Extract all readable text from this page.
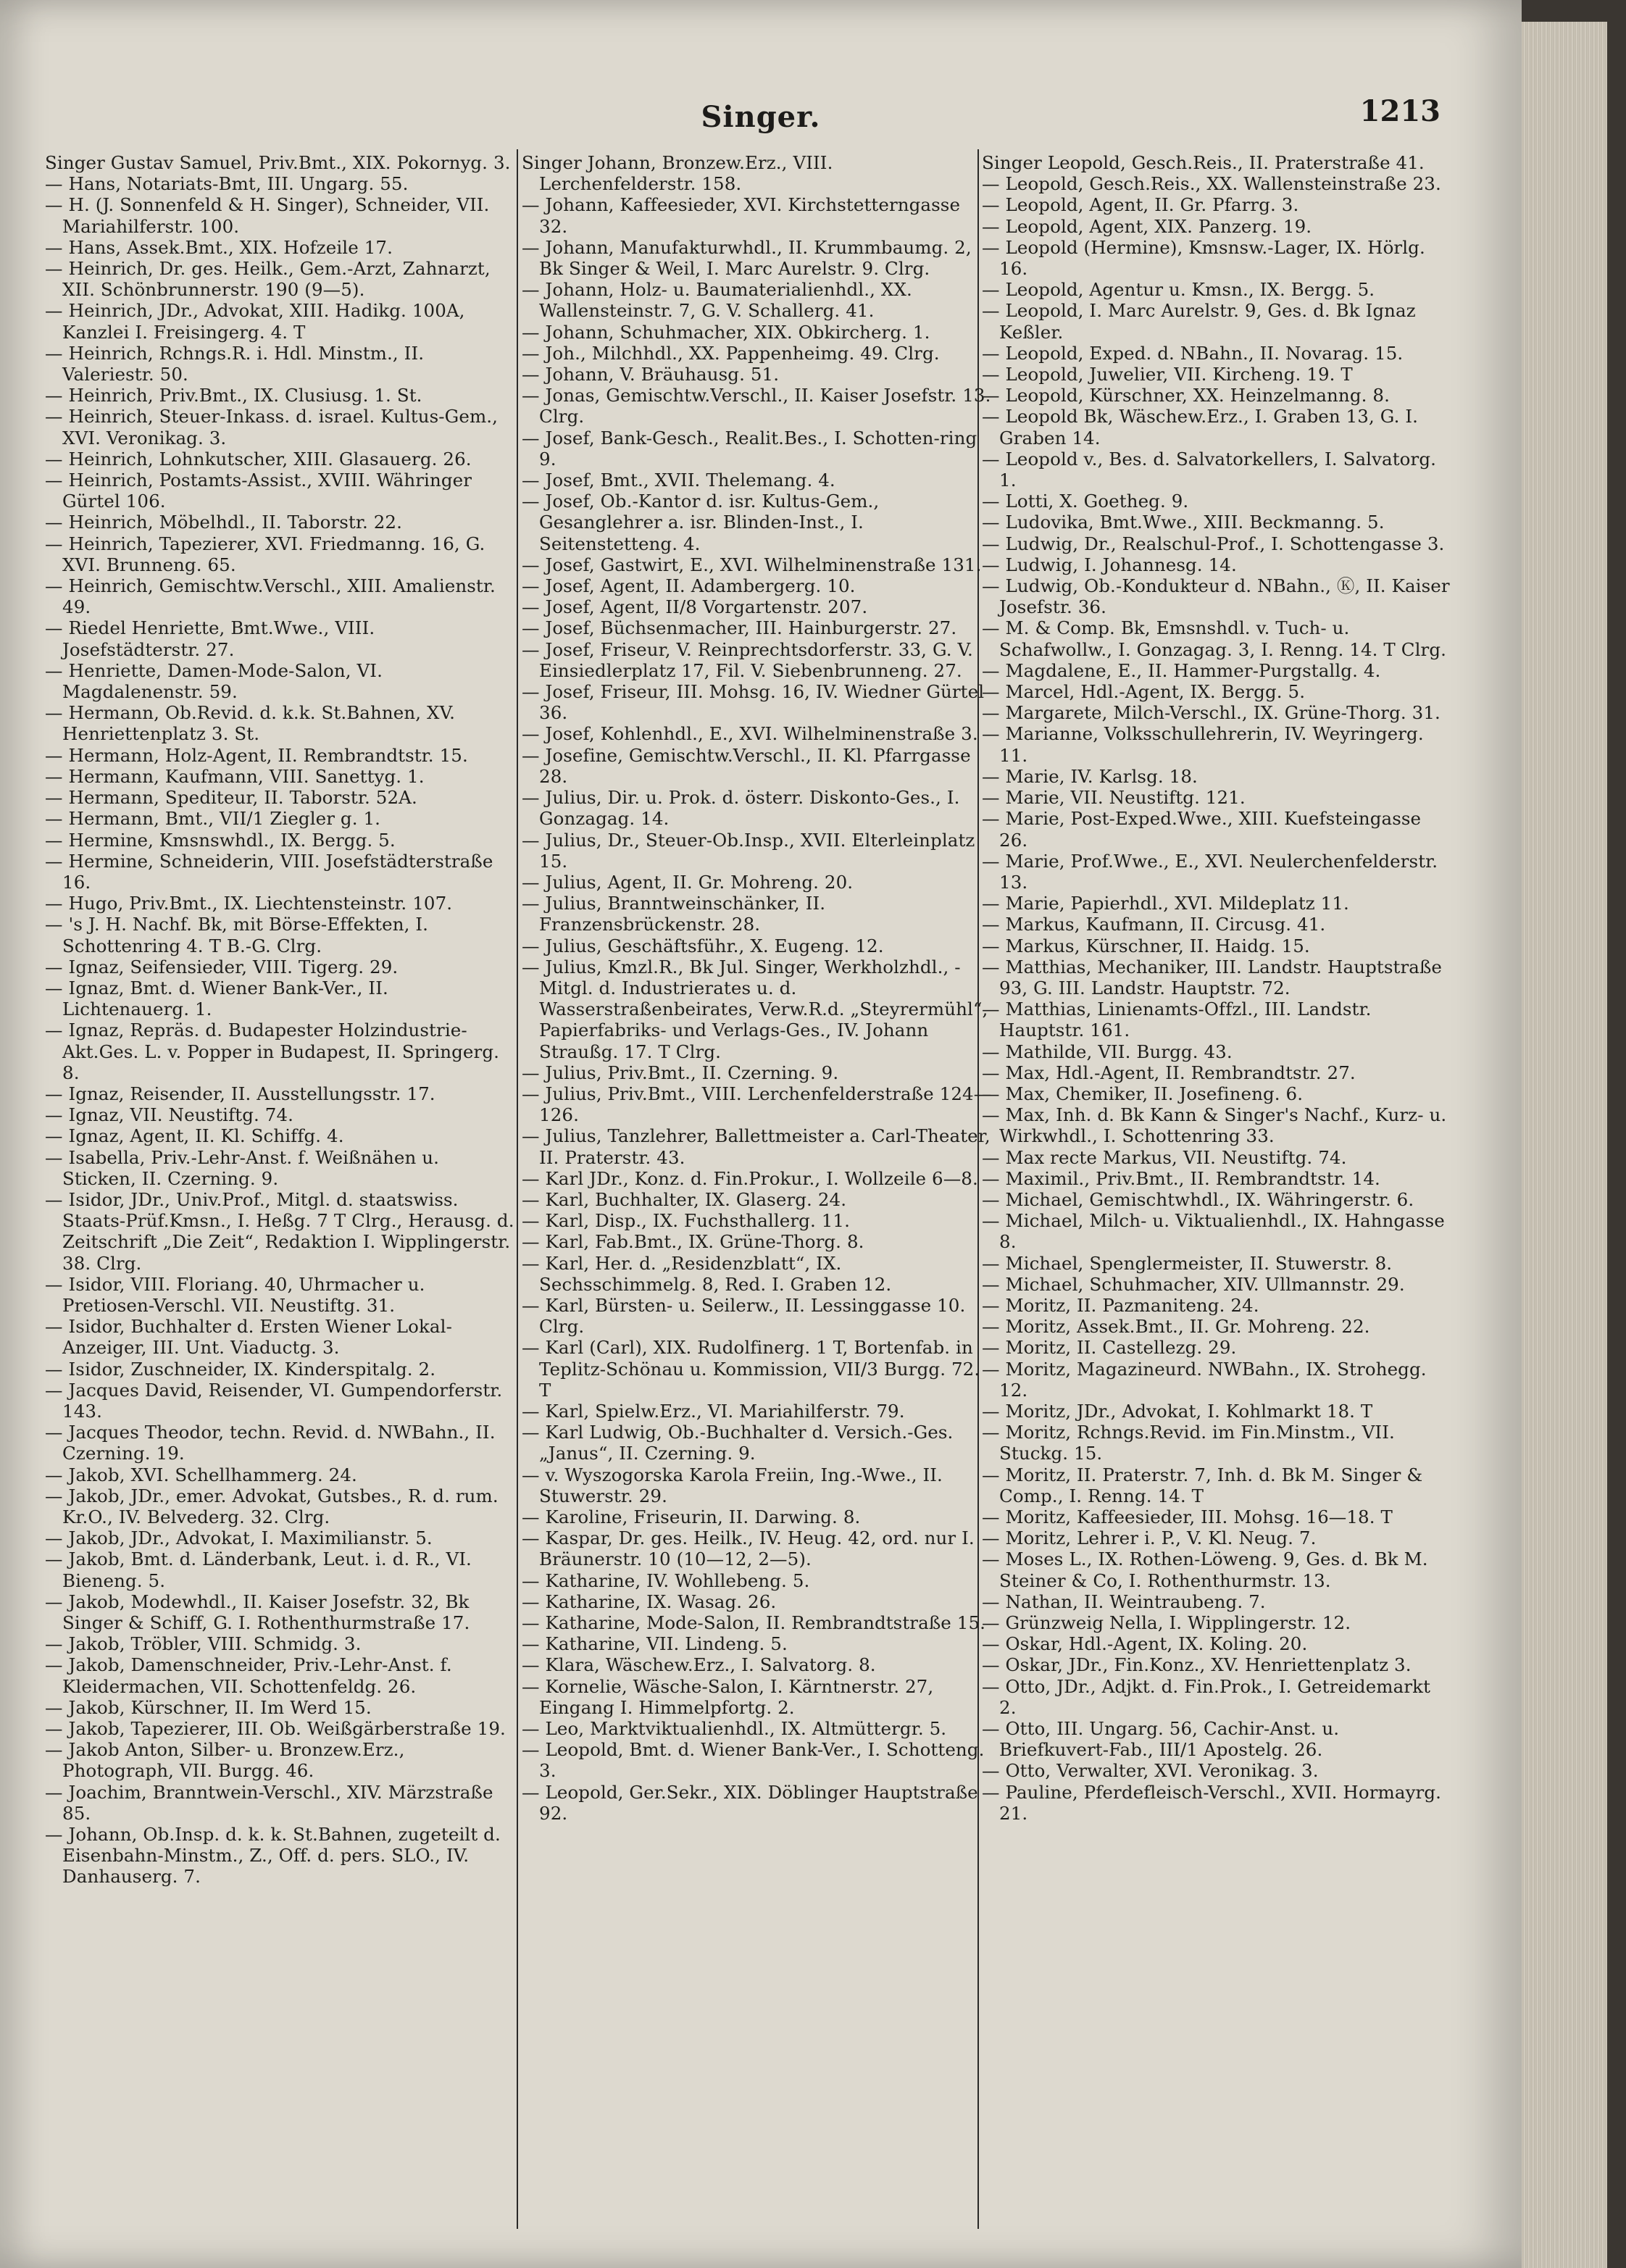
Singer.	1213

Singer Gustav Samuel, Priv.Bmt., XIX. Pokornyg. 3.

— Hans, Notariats-Bmt, III. Ungarg. 55.

— H. (J. Sonnenfeld & H. Singer), Schneider, VII. Mariahilferstr. 100.

— Hans, Assek.Bmt., XIX. Hofzeile 17.

— Heinrich, Dr. ges. Heilk., Gem.-Arzt, Zahnarzt, XII. Schönbrunnerstr. 190 (9—5).

— Heinrich, JDr., Advokat, XIII. Hadikg. 100A, Kanzlei I. Freisingerg. 4. T

— Heinrich, Rchngs.R. i. Hdl. Minstm., II. Valeriestr. 50.

— Heinrich, Priv.Bmt., IX. Clusiusg. 1. St.

— Heinrich, Steuer-Inkass. d. israel. Kultus-Gem., XVI. Veronikag. 3.

— Heinrich, Lohnkutscher, XIII. Glasauerg. 26.

— Heinrich, Postamts-Assist., XVIII. Währinger Gürtel 106.

— Heinrich, Möbelhdl., II. Taborstr. 22.

— Heinrich, Tapezierer, XVI. Friedmanng. 16, G. XVI. Brunneng. 65.

— Heinrich, Gemischtw.Verschl., XIII. Amalienstr. 49.

— Riedel Henriette, Bmt.Wwe., VIII. Josefstädterstr. 27.

— Henriette, Damen-Mode-Salon, VI. Magdalenenstr. 59.

— Hermann, Ob.Revid. d. k.k. St.Bahnen, XV. Henriettenplatz 3. St.

— Hermann, Holz-Agent, II. Rembrandtstr. 15.

— Hermann, Kaufmann, VIII. Sanettyg. 1.

— Hermann, Spediteur, II. Taborstr. 52A.

— Hermann, Bmt., VII/1 Ziegler g. 1.

— Hermine, Kmsnswhdl., IX. Bergg. 5.

— Hermine, Schneiderin, VIII. Josefstädterstraße 16.

— Hugo, Priv.Bmt., IX. Liechtensteinstr. 107.

— 's J. H. Nachf. Bk, mit Börse-Effekten, I. Schottenring 4. T B.-G. Clrg.

— Ignaz, Seifensieder, VIII. Tigerg. 29.

— Ignaz, Bmt. d. Wiener Bank-Ver., II. Lichtenauerg. 1.

— Ignaz, Repräs. d. Budapester Holzindustrie-Akt.Ges. L. v. Popper in Budapest, II. Springerg. 8.

— Ignaz, Reisender, II. Ausstellungsstr. 17.

— Ignaz, VII. Neustiftg. 74.

— Ignaz, Agent, II. Kl. Schiffg. 4.

— Isabella, Priv.-Lehr-Anst. f. Weißnähen u. Sticken, II. Czerning. 9.

— Isidor, JDr., Univ.Prof., Mitgl. d. staatswiss. Staats-Prüf.Kmsn., I. Heßg. 7 T Clrg., Herausg. d. Zeitschrift „Die Zeit“, Redaktion I. Wipplingerstr. 38. Clrg.

— Isidor, VIII. Floriang. 40, Uhrmacher u. Pretiosen-Verschl. VII. Neustiftg. 31.

— Isidor, Buchhalter d. Ersten Wiener Lokal-Anzeiger, III. Unt. Viaductg. 3.

— Isidor, Zuschneider, IX. Kinderspitalg. 2.

— Jacques David, Reisender, VI. Gumpendorferstr. 143.

— Jacques Theodor, techn. Revid. d. NWBahn., II. Czerning. 19.

— Jakob, XVI. Schellhammerg. 24.

— Jakob, JDr., emer. Advokat, Gutsbes., R. d. rum. Kr.O., IV. Belvederg. 32. Clrg.

— Jakob, JDr., Advokat, I. Maximilianstr. 5.

— Jakob, Bmt. d. Länderbank, Leut. i. d. R., VI. Bieneng. 5.

— Jakob, Modewhdl., II. Kaiser Josefstr. 32, Bk Singer & Schiff, G. I. Rothenthurmstraße 17.

— Jakob, Tröbler, VIII. Schmidg. 3.

— Jakob, Damenschneider, Priv.-Lehr-Anst. f. Kleidermachen, VII. Schottenfeldg. 26.

— Jakob, Kürschner, II. Im Werd 15.

— Jakob, Tapezierer, III. Ob. Weißgärberstraße 19.

— Jakob Anton, Silber- u. Bronzew.Erz., Photograph, VII. Burgg. 46.

— Joachim, Branntwein-Verschl., XIV. Märzstraße 85.

— Johann, Ob.Insp. d. k. k. St.Bahnen, zugeteilt d. Eisenbahn-Minstm., Z., Off. d. pers. SLO., IV. Danhauserg. 7.

Singer Johann, Bronzew.Erz., VIII. Lerchenfelderstr. 158.

— Johann, Kaffeesieder, XVI. Kirchstetterngasse 32.

— Johann, Manufakturwhdl., II. Krummbaumg. 2, Bk Singer & Weil, I. Marc Aurelstr. 9. Clrg.

— Johann, Holz- u. Baumaterialienhdl., XX. Wallensteinstr. 7, G. V. Schallerg. 41.

— Johann, Schuhmacher, XIX. Obkircherg. 1.

— Joh., Milchhdl., XX. Pappenheimg. 49. Clrg.

— Johann, V. Bräuhausg. 51.

— Jonas, Gemischtw.Verschl., II. Kaiser Josefstr. 13. Clrg.

— Josef, Bank-Gesch., Realit.Bes., I. Schotten-ring 9.

— Josef, Bmt., XVII. Thelemang. 4.

— Josef, Ob.-Kantor d. isr. Kultus-Gem., Gesanglehrer a. isr. Blinden-Inst., I. Seitenstetteng. 4.

— Josef, Gastwirt, E., XVI. Wilhelminenstraße 131.

— Josef, Agent, II. Adambergerg. 10.

— Josef, Agent, II/8 Vorgartenstr. 207.

— Josef, Büchsenmacher, III. Hainburgerstr. 27.

— Josef, Friseur, V. Reinprechtsdorferstr. 33, G. V. Einsiedlerplatz 17, Fil. V. Siebenbrunneng. 27.

— Josef, Friseur, III. Mohsg. 16, IV. Wiedner Gürtel 36.

— Josef, Kohlenhdl., E., XVI. Wilhelminenstraße 3.

— Josefine, Gemischtw.Verschl., II. Kl. Pfarrgasse 28.

— Julius, Dir. u. Prok. d. österr. Diskonto-Ges., I. Gonzagag. 14.

— Julius, Dr., Steuer-Ob.Insp., XVII. Elterleinplatz 15.

— Julius, Agent, II. Gr. Mohreng. 20.

— Julius, Branntweinschänker, II. Franzensbrückenstr. 28.

— Julius, Geschäftsführ., X. Eugeng. 12.

— Julius, Kmzl.R., Bk Jul. Singer, Werkholzhdl., -Mitgl. d. Industrierates u. d. Wasserstraßenbeirates, Verw.R.d. „Steyrermühl“, Papierfabriks- und Verlags-Ges., IV. Johann Straußg. 17. T Clrg.

— Julius, Priv.Bmt., II. Czerning. 9.

— Julius, Priv.Bmt., VIII. Lerchenfelderstraße 124—126.

— Julius, Tanzlehrer, Ballettmeister a. Carl-Theater, II. Praterstr. 43.

— Karl JDr., Konz. d. Fin.Prokur., I. Wollzeile 6—8.

— Karl, Buchhalter, IX. Glaserg. 24.

— Karl, Disp., IX. Fuchsthallerg. 11.

— Karl, Fab.Bmt., IX. Grüne-Thorg. 8.

— Karl, Her. d. „Residenzblatt“, IX. Sechsschimmelg. 8, Red. I. Graben 12.

— Karl, Bürsten- u. Seilerw., II. Lessinggasse 10. Clrg.

— Karl (Carl), XIX. Rudolfinerg. 1 T, Bortenfab. in Teplitz-Schönau u. Kommission, VII/3 Burgg. 72. T

— Karl, Spielw.Erz., VI. Mariahilferstr. 79.

— Karl Ludwig, Ob.-Buchhalter d. Versich.-Ges. „Janus“, II. Czerning. 9.

— v. Wyszogorska Karola Freiin, Ing.-Wwe., II. Stuwerstr. 29.

— Karoline, Friseurin, II. Darwing. 8.

— Kaspar, Dr. ges. Heilk., IV. Heug. 42, ord. nur I. Bräunerstr. 10 (10—12, 2—5).

— Katharine, IV. Wohllebeng. 5.

— Katharine, IX. Wasag. 26.

— Katharine, Mode-Salon, II. Rembrandtstraße 15.

— Katharine, VII. Lindeng. 5.

— Klara, Wäschew.Erz., I. Salvatorg. 8.

— Kornelie, Wäsche-Salon, I. Kärntnerstr. 27, Eingang I. Himmelpfortg. 2.

— Leo, Marktviktualienhdl., IX. Altmüttergr. 5.

— Leopold, Bmt. d. Wiener Bank-Ver., I. Schotteng. 3.

— Leopold, Ger.Sekr., XIX. Döblinger Hauptstraße 92.

Singer Leopold, Gesch.Reis., II. Praterstraße 41.

— Leopold, Gesch.Reis., XX. Wallensteinstraße 23.

— Leopold, Agent, II. Gr. Pfarrg. 3.

— Leopold, Agent, XIX. Panzerg. 19.

— Leopold (Hermine), Kmsnsw.-Lager, IX. Hörlg. 16.

— Leopold, Agentur u. Kmsn., IX. Bergg. 5.

— Leopold, I. Marc Aurelstr. 9, Ges. d. Bk Ignaz Keßler.

— Leopold, Exped. d. NBahn., II. Novarag. 15.

— Leopold, Juwelier, VII. Kircheng. 19. T

— Leopold, Kürschner, XX. Heinzelmanng. 8.

— Leopold Bk, Wäschew.Erz., I. Graben 13, G. I. Graben 14.

— Leopold v., Bes. d. Salvatorkellers, I. Salvatorg. 1.

— Lotti, X. Goetheg. 9.

— Ludovika, Bmt.Wwe., XIII. Beckmanng. 5.

— Ludwig, Dr., Realschul-Prof., I. Schottengasse 3.

— Ludwig, I. Johannesg. 14.

— Ludwig, Ob.-Kondukteur d. NBahn., Ⓚ, II. Kaiser Josefstr. 36.

— M. & Comp. Bk, Emsnshdl. v. Tuch- u. Schafwollw., I. Gonzagag. 3, I. Renng. 14. T Clrg.

— Magdalene, E., II. Hammer-Purgstallg. 4.

— Marcel, Hdl.-Agent, IX. Bergg. 5.

— Margarete, Milch-Verschl., IX. Grüne-Thorg. 31.

— Marianne, Volksschullehrerin, IV. Weyringerg. 11.

— Marie, IV. Karlsg. 18.

— Marie, VII. Neustiftg. 121.

— Marie, Post-Exped.Wwe., XIII. Kuefsteingasse 26.

— Marie, Prof.Wwe., E., XVI. Neulerchenfelderstr. 13.

— Marie, Papierhdl., XVI. Mildeplatz 11.

— Markus, Kaufmann, II. Circusg. 41.

— Markus, Kürschner, II. Haidg. 15.

— Matthias, Mechaniker, III. Landstr. Hauptstraße 93, G. III. Landstr. Hauptstr. 72.

— Matthias, Linienamts-Offzl., III. Landstr. Hauptstr. 161.

— Mathilde, VII. Burgg. 43.

— Max, Hdl.-Agent, II. Rembrandtstr. 27.

— Max, Chemiker, II. Josefineng. 6.

— Max, Inh. d. Bk Kann & Singer's Nachf., Kurz- u. Wirkwhdl., I. Schottenring 33.

— Max recte Markus, VII. Neustiftg. 74.

— Maximil., Priv.Bmt., II. Rembrandtstr. 14.

— Michael, Gemischtwhdl., IX. Währingerstr. 6.

— Michael, Milch- u. Viktualienhdl., IX. Hahngasse 8.

— Michael, Spenglermeister, II. Stuwerstr. 8.

— Michael, Schuhmacher, XIV. Ullmannstr. 29.

— Moritz, II. Pazmaniteng. 24.

— Moritz, Assek.Bmt., II. Gr. Mohreng. 22.

— Moritz, II. Castellezg. 29.

— Moritz, Magazineurd. NWBahn., IX. Strohegg. 12.

— Moritz, JDr., Advokat, I. Kohlmarkt 18. T

— Moritz, Rchngs.Revid. im Fin.Minstm., VII. Stuckg. 15.

— Moritz, II. Praterstr. 7, Inh. d. Bk M. Singer & Comp., I. Renng. 14. T

— Moritz, Kaffeesieder, III. Mohsg. 16—18. T

— Moritz, Lehrer i. P., V. Kl. Neug. 7.

— Moses L., IX. Rothen-Löweng. 9, Ges. d. Bk M. Steiner & Co, I. Rothenthurmstr. 13.

— Nathan, II. Weintraubeng. 7.

— Grünzweig Nella, I. Wipplingerstr. 12.

— Oskar, Hdl.-Agent, IX. Koling. 20.

— Oskar, JDr., Fin.Konz., XV. Henriettenplatz 3.

— Otto, JDr., Adjkt. d. Fin.Prok., I. Getreidemarkt 2.

— Otto, III. Ungarg. 56, Cachir-Anst. u. Briefkuvert-Fab., III/1 Apostelg. 26.

— Otto, Verwalter, XVI. Veronikag. 3.

— Pauline, Pferdefleisch-Verschl., XVII. Hormayrg. 21.
